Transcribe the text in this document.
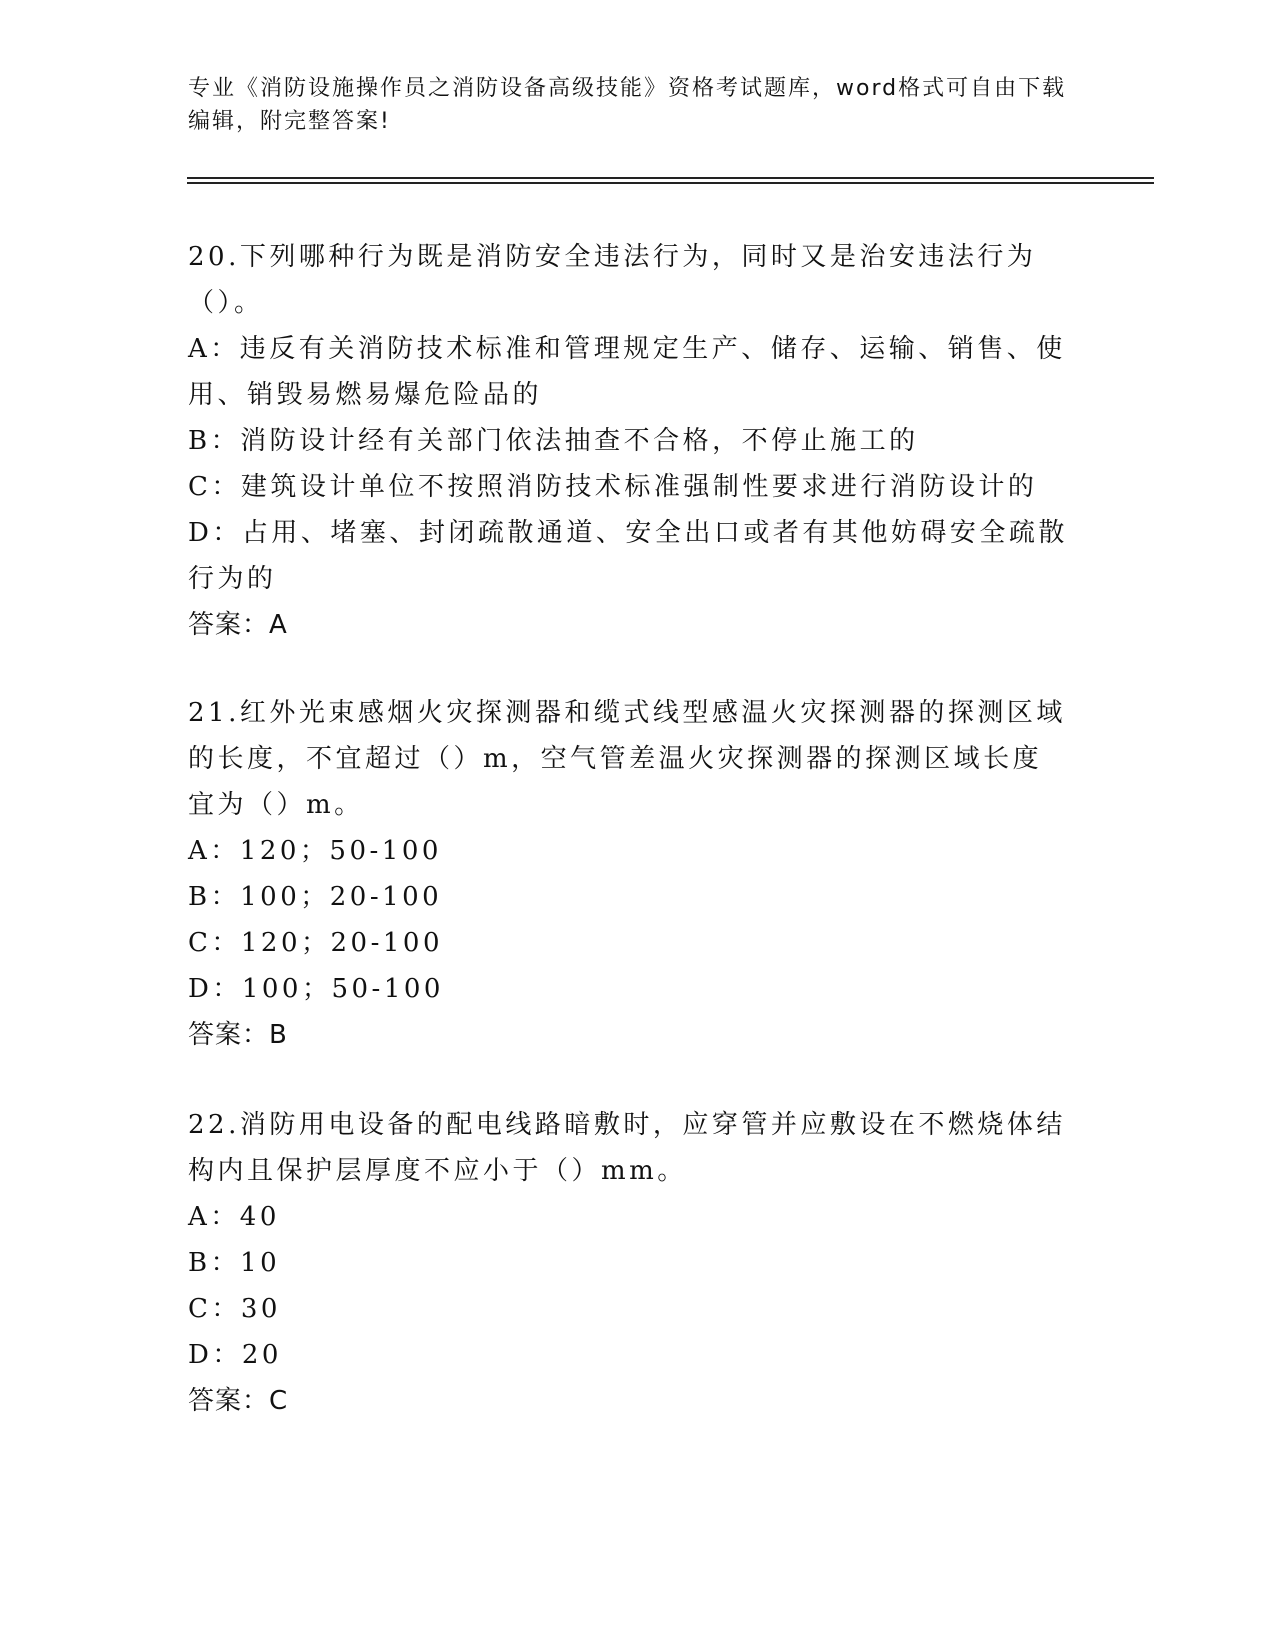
专业《消防设施操作员之消防设备高级技能》资格考试题库，word格式可自由下载编辑，附完整答案!
20.下列哪种行为既是消防安全违法行为，同时又是治安违法行为（）。
A：违反有关消防技术标准和管理规定生产、储存、运输、销售、使用、销毁易燃易爆危险品的
B：消防设计经有关部门依法抽查不合格，不停止施工的
C：建筑设计单位不按照消防技术标准强制性要求进行消防设计的
D：占用、堵塞、封闭疏散通道、安全出口或者有其他妨碍安全疏散行为的
答案：A
21.红外光束感烟火灾探测器和缆式线型感温火灾探测器的探测区域的长度，不宜超过（）m，空气管差温火灾探测器的探测区域长度宜为（）m。
A：120；50-100
B：100；20-100
C：120；20-100
D：100；50-100
答案：B
22.消防用电设备的配电线路暗敷时，应穿管并应敷设在不燃烧体结构内且保护层厚度不应小于（）mm。
A：40
B：10
C：30
D：20
答案：C
